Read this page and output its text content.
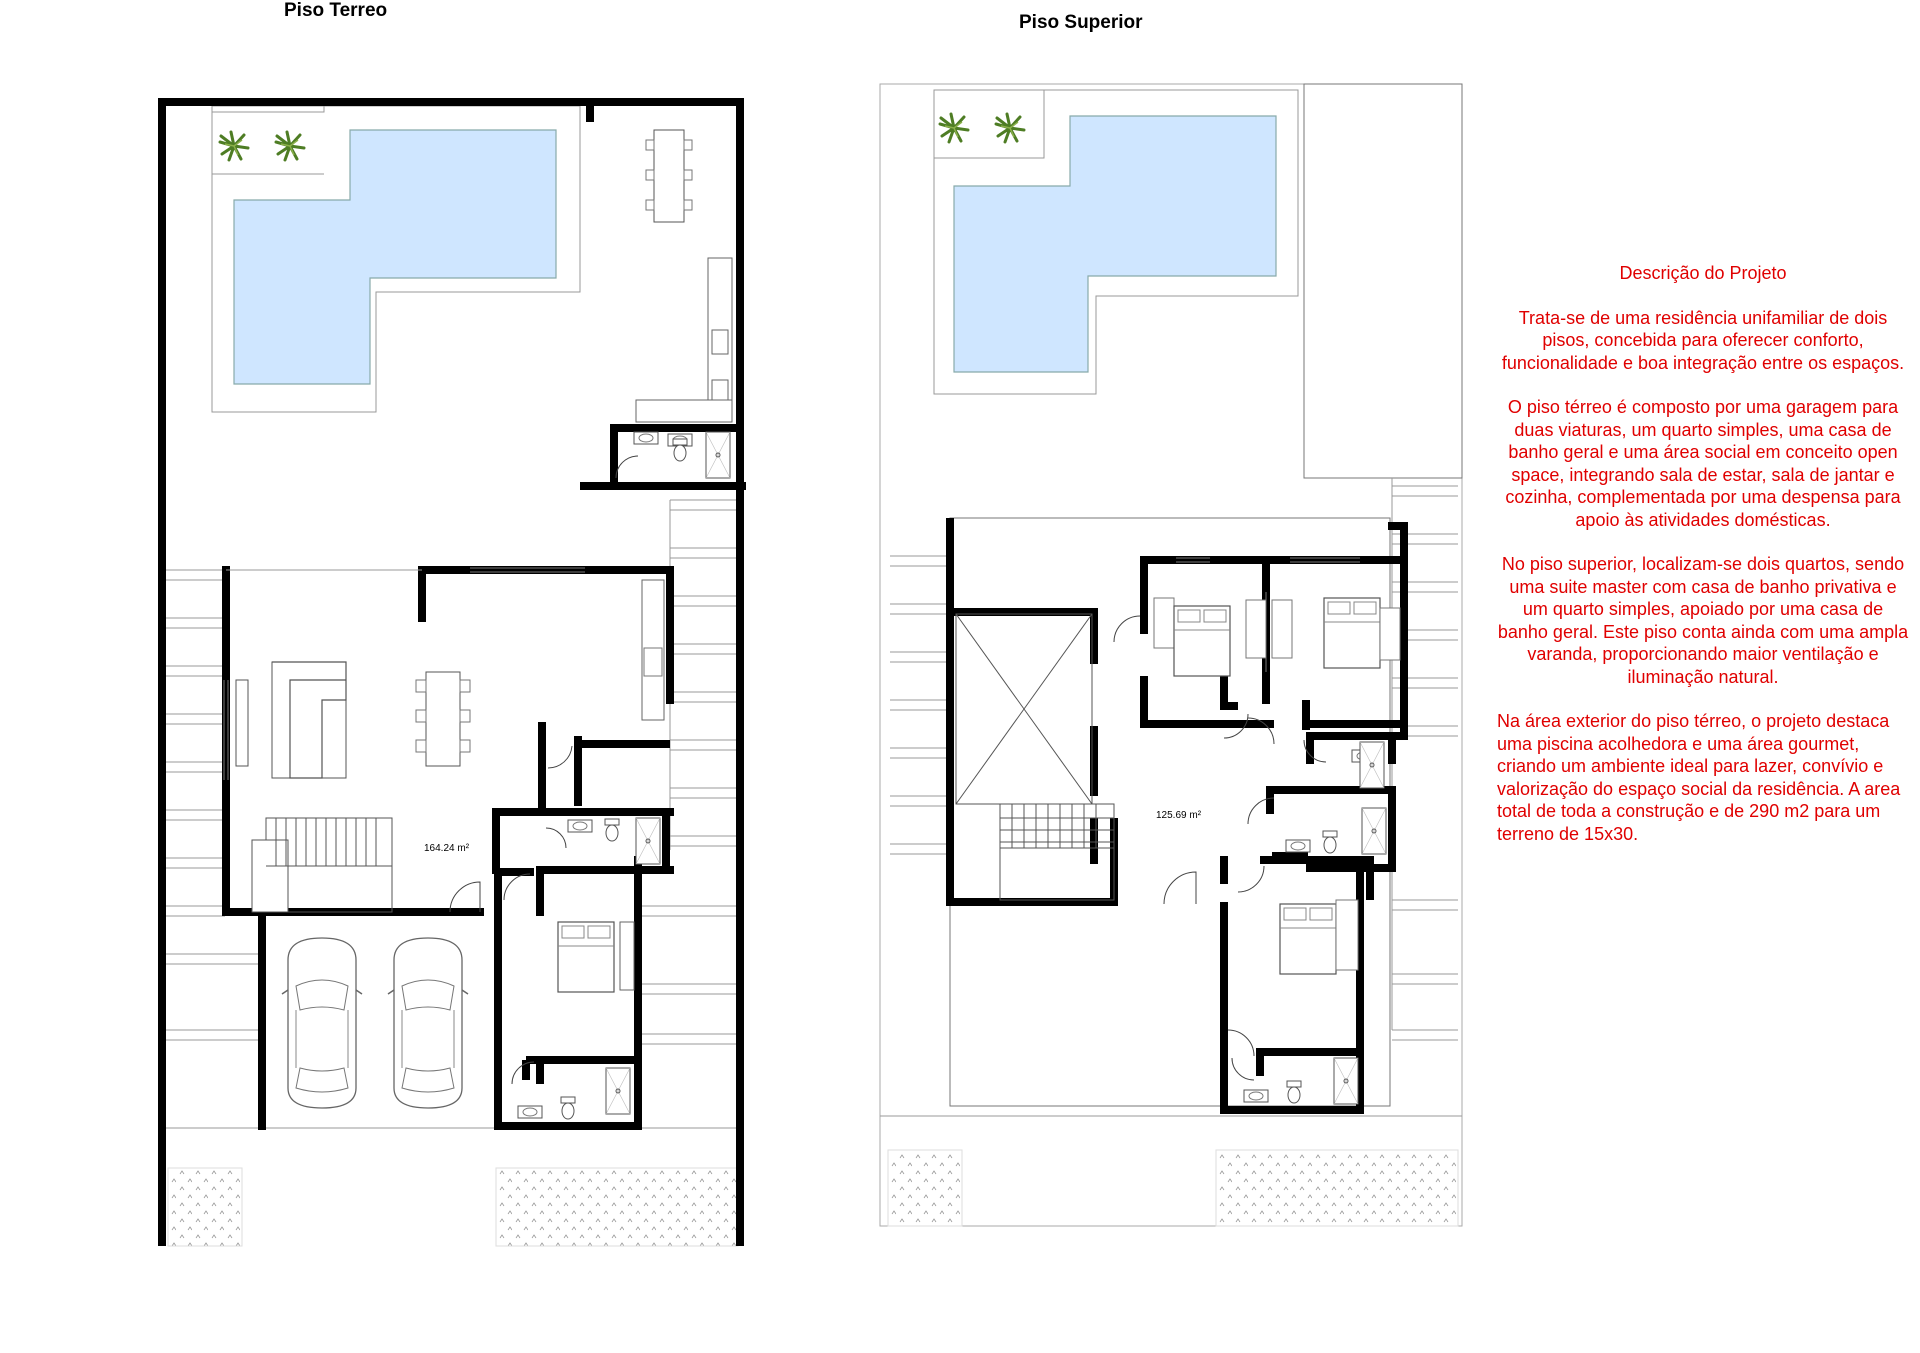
Piso Terreo
Piso Superior
164.24 m²
125.69 m²

Descrição do Projeto

Trata-se de uma residência unifamiliar de dois pisos, concebida para oferecer conforto, funcionalidade e boa integração entre os espaços.

O piso térreo é composto por uma garagem para duas viaturas, um quarto simples, uma casa de banho geral e uma área social em conceito open space, integrando sala de estar, sala de jantar e cozinha, complementada por uma despensa para apoio às atividades domésticas.

No piso superior, localizam-se dois quartos, sendo uma suite master com casa de banho privativa e um quarto simples, apoiado por uma casa de banho geral. Este piso conta ainda com uma ampla varanda, proporcionando maior ventilação e iluminação natural.

Na área exterior do piso térreo, o projeto destaca uma piscina acolhedora e uma área gourmet, criando um ambiente ideal para lazer, convívio e valorização do espaço social da residência. A area total de toda a construção e de 290 m2 para um terreno de 15x30.
